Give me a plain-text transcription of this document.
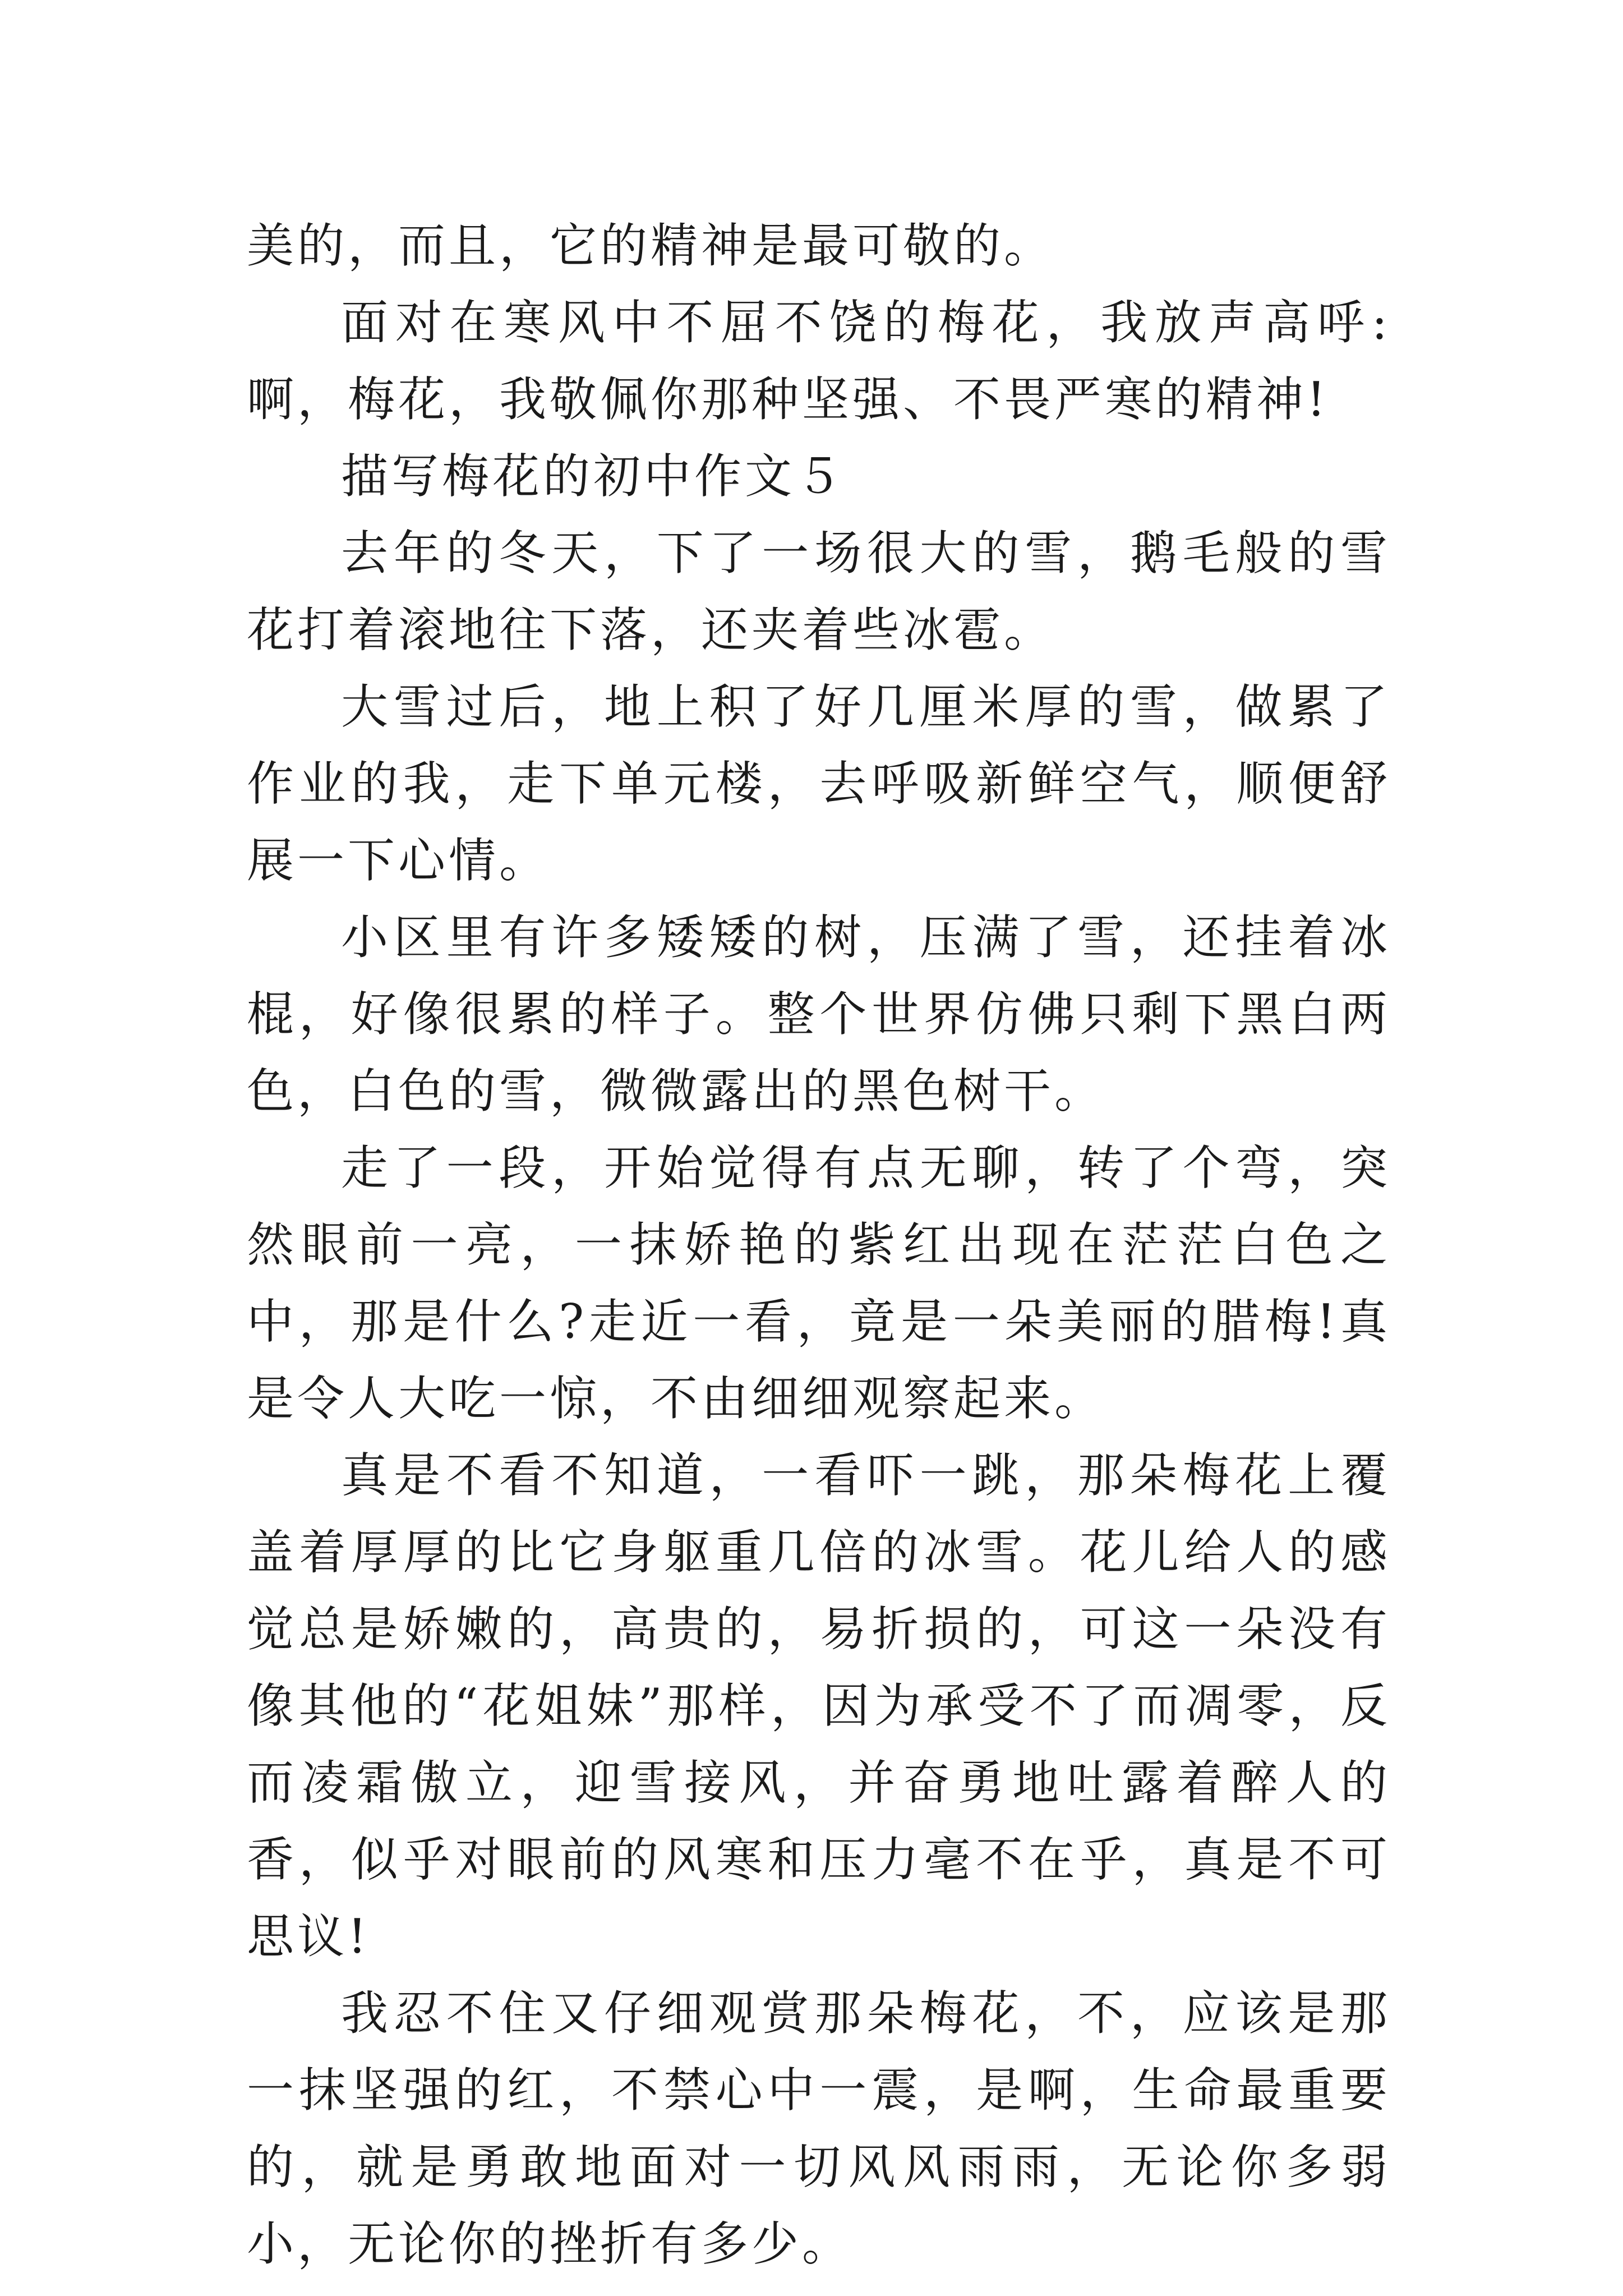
美的，而且，它的精神是最可敬的。

面对在寒风中不屈不饶的梅花，我放声高呼:啊，梅花，我敬佩你那种坚强、不畏严寒的精神!

描写梅花的初中作文５

去年的冬天，下了一场很大的雪，鹅毛般的雪花打着滚地往下落，还夹着些冰雹。

大雪过后，地上积了好几厘米厚的雪，做累了作业的我，走下单元楼，去呼吸新鲜空气，顺便舒展一下心情。

小区里有许多矮矮的树，压满了雪，还挂着冰棍，好像很累的样子。整个世界仿佛只剩下黑白两色，白色的雪，微微露出的黑色树干。

走了一段，开始觉得有点无聊，转了个弯，突然眼前一亮，一抹娇艳的紫红出现在茫茫白色之中，那是什么?走近一看，竟是一朵美丽的腊梅!真是令人大吃一惊，不由细细观察起来。

真是不看不知道，一看吓一跳，那朵梅花上覆盖着厚厚的比它身躯重几倍的冰雪。花儿给人的感觉总是娇嫩的，高贵的，易折损的，可这一朵没有像其他的“花姐妹”那样，因为承受不了而凋零，反而凌霜傲立，迎雪接风，并奋勇地吐露着醉人的香，似乎对眼前的风寒和压力毫不在乎，真是不可思议!

我忍不住又仔细观赏那朵梅花，不，应该是那一抹坚强的红，不禁心中一震，是啊，生命最重要的，就是勇敢地面对一切风风雨雨，无论你多弱小，无论你的挫折有多少。
